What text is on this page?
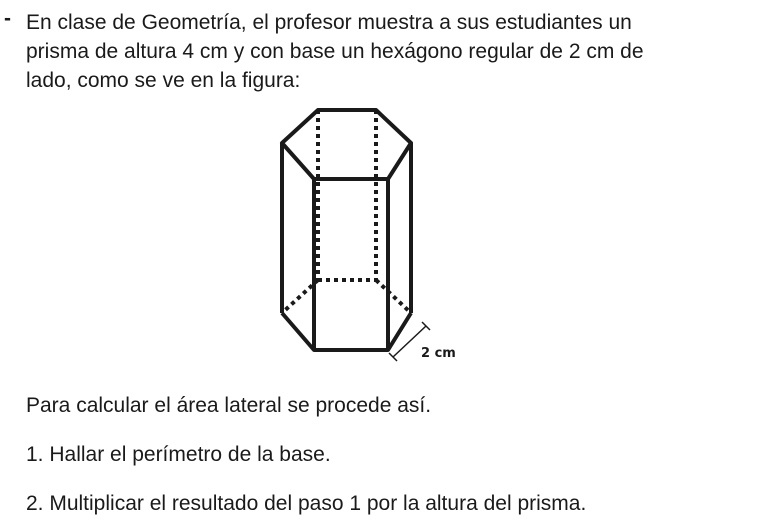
- En clase de Geometría, el profesor muestra a sus estudiantes un

prisma de altura 4 cm y con base un hexágono regular de 2 cm de

lado, como se ve en la figura:

2 cm

Para calcular el área lateral se procede así.

1. Hallar el perímetro de la base.

2. Multiplicar el resultado del paso 1 por la altura del prisma.
